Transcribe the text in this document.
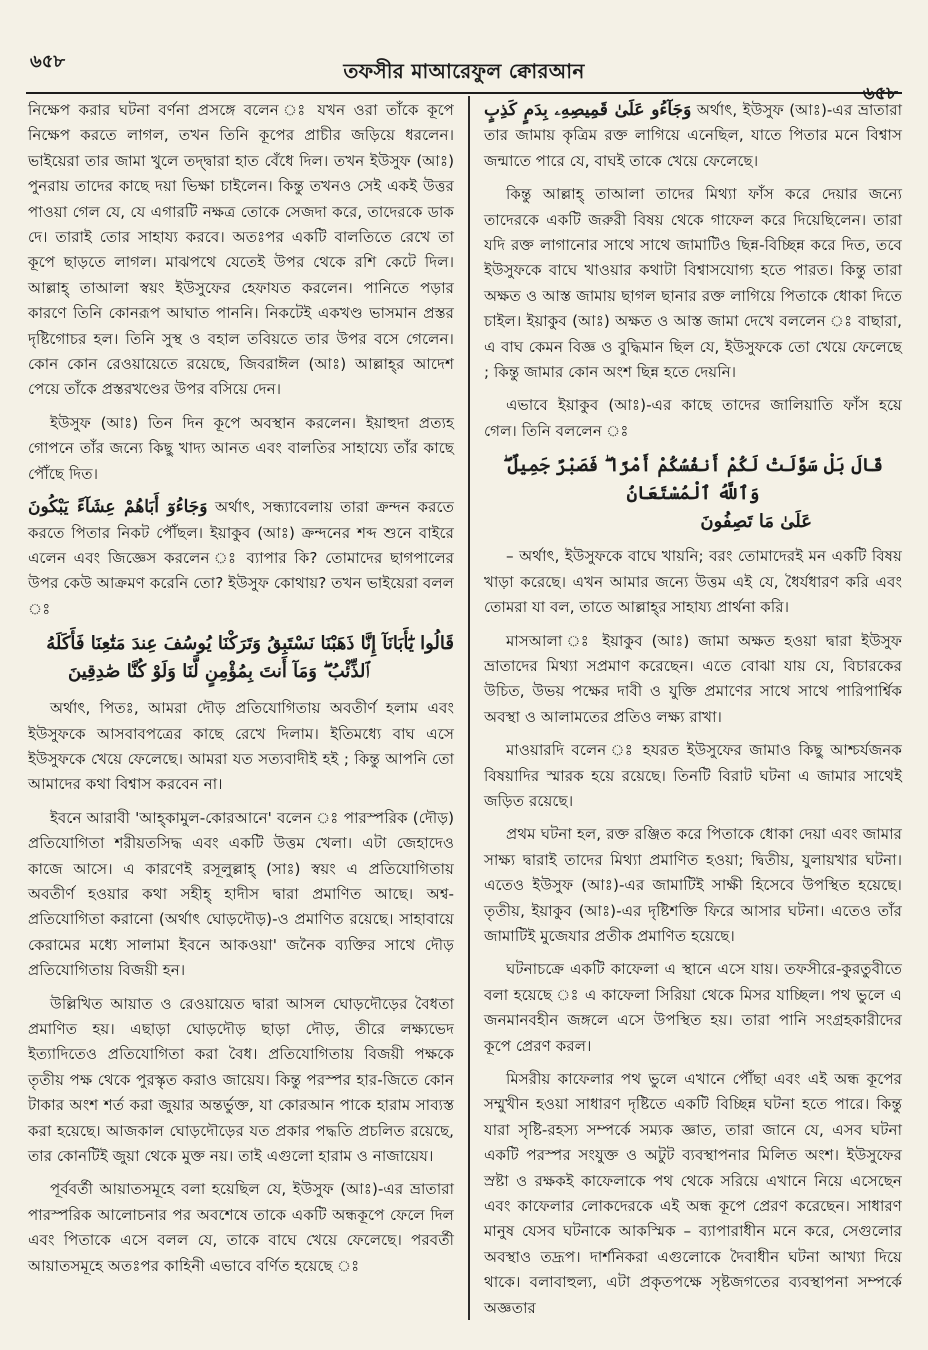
৬৫৮	তফসীর মাআরেফুল ক্বোরআন
৬৫৮

নিক্ষেপ করার ঘটনা বর্ণনা প্রসঙ্গে বলেন ঃ যখন ওরা তাঁকে কূপে নিক্ষেপ করতে লাগল, তখন তিনি কূপের প্রাচীর জড়িয়ে ধরলেন। ভাইয়েরা তার জামা খুলে তদ্দ্বারা হাত বেঁধে দিল। তখন ইউসুফ (আঃ) পুনরায় তাদের কাছে দয়া ভিক্ষা চাইলেন। কিন্তু তখনও সেই একই উত্তর পাওয়া গেল যে, যে এগারটি নক্ষত্র তোকে সেজদা করে, তাদেরকে ডাক দে। তারাই তোর সাহায্য করবে। অতঃপর একটি বালতিতে রেখে তা কূপে ছাড়তে লাগল। মাঝপথে যেতেই উপর থেকে রশি কেটে দিল। আল্লাহ্ তাআলা স্বয়ং ইউসুফের হেফাযত করলেন। পানিতে পড়ার কারণে তিনি কোনরূপ আঘাত পাননি। নিকটেই একখণ্ড ভাসমান প্রস্তর দৃষ্টিগোচর হল। তিনি সুস্থ ও বহাল তবিয়তে তার উপর বসে গেলেন। কোন কোন রেওয়ায়েতে রয়েছে, জিবরাঈল (আঃ) আল্লাহ্‌র আদেশ পেয়ে তাঁকে প্রস্তরখণ্ডের উপর বসিয়ে দেন।

ইউসুফ (আঃ) তিন দিন কূপে অবস্থান করলেন। ইয়াহুদা প্রত্যহ গোপনে তাঁর জন্যে কিছু খাদ্য আনত এবং বালতির সাহায্যে তাঁর কাছে পৌঁছে দিত।

وَجَاءُوٓ أَبَاهُمْ عِشَآءً يَبْكُونَ অর্থাৎ, সন্ধ্যাবেলায় তারা ক্রন্দন করতে করতে পিতার নিকট পৌঁছল। ইয়াকুব (আঃ) ক্রন্দনের শব্দ শুনে বাইরে এলেন এবং জিজ্ঞেস করলেন ঃ ব্যাপার কি? তোমাদের ছাগপালের উপর কেউ আক্রমণ করেনি তো? ইউসুফ কোথায়? তখন ভাইয়েরা বলল ঃ

قَالُوا يَٰٓأَبَانَآ إِنَّا ذَهَبْنَا نَسْتَبِقُ وَتَرَكْنَا يُوسُفَ عِندَ مَتَٰعِنَا فَأَكَلَهُ
ٱلذِّئْبُ ۖ وَمَآ أَنتَ بِمُؤْمِنٍ لَّنَا وَلَوْ كُنَّا صَٰدِقِينَ

অর্থাৎ, পিতঃ, আমরা দৌড় প্রতিযোগিতায় অবতীর্ণ হলাম এবং ইউসুফকে আসবাবপত্রের কাছে রেখে দিলাম। ইতিমধ্যে বাঘ এসে ইউসুফকে খেয়ে ফেলেছে। আমরা যত সত্যবাদীই হই ; কিন্তু আপনি তো আমাদের কথা বিশ্বাস করবেন না।

ইবনে আরাবী 'আহ্‌কামুল-কোরআনে' বলেন ঃ পারস্পরিক (দৌড়) প্রতিযোগিতা শরীয়তসিদ্ধ এবং একটি উত্তম খেলা। এটা জেহাদেও কাজে আসে। এ কারণেই রসূলুল্লাহ্ (সাঃ) স্বয়ং এ প্রতিযোগিতায় অবতীর্ণ হওয়ার কথা সহীহ্ হাদীস দ্বারা প্রমাণিত আছে। অশ্ব-প্রতিযোগিতা করানো (অর্থাৎ ঘোড়দৌড়)-ও প্রমাণিত রয়েছে। সাহাবায়ে কেরামের মধ্যে সালামা ইবনে আকওয়া' জনৈক ব্যক্তির সাথে দৌড় প্রতিযোগিতায় বিজয়ী হন।

উল্লিখিত আয়াত ও রেওয়ায়েত দ্বারা আসল ঘোড়দৌড়ের বৈধতা প্রমাণিত হয়। এছাড়া ঘোড়দৌড় ছাড়া দৌড়, তীরে লক্ষ্যভেদ ইত্যাদিতেও প্রতিযোগিতা করা বৈধ। প্রতিযোগিতায় বিজয়ী পক্ষকে তৃতীয় পক্ষ থেকে পুরস্কৃত করাও জায়েয। কিন্তু পরস্পর হার-জিতে কোন টাকার অংশ শর্ত করা জুয়ার অন্তর্ভুক্ত, যা কোরআন পাকে হারাম সাব্যস্ত করা হয়েছে। আজকাল ঘোড়দৌড়ের যত প্রকার পদ্ধতি প্রচলিত রয়েছে, তার কোনটিই জুয়া থেকে মুক্ত নয়। তাই এগুলো হারাম ও নাজায়েয।

পূর্ববর্তী আয়াতসমূহে বলা হয়েছিল যে, ইউসুফ (আঃ)-এর ভ্রাতারা পারস্পরিক আলোচনার পর অবশেষে তাকে একটি অন্ধকূপে ফেলে দিল এবং পিতাকে এসে বলল যে, তাকে বাঘে খেয়ে ফেলেছে। পরবর্তী আয়াতসমূহে অতঃপর কাহিনী এভাবে বর্ণিত হয়েছে ঃ

وَجَآءُو عَلَىٰ قَمِيصِهِۦ بِدَمٍ كَذِبٍ অর্থাৎ, ইউসুফ (আঃ)-এর ভ্রাতারা তার জামায় কৃত্রিম রক্ত লাগিয়ে এনেছিল, যাতে পিতার মনে বিশ্বাস জন্মাতে পারে যে, বাঘই তাকে খেয়ে ফেলেছে।

কিন্তু আল্লাহ্ তাআলা তাদের মিথ্যা ফাঁস করে দেয়ার জন্যে তাদেরকে একটি জরুরী বিষয় থেকে গাফেল করে দিয়েছিলেন। তারা যদি রক্ত লাগানোর সাথে সাথে জামাটিও ছিন্ন-বিচ্ছিন্ন করে দিত, তবে ইউসুফকে বাঘে খাওয়ার কথাটা বিশ্বাসযোগ্য হতে পারত। কিন্তু তারা অক্ষত ও আস্ত জামায় ছাগল ছানার রক্ত লাগিয়ে পিতাকে ধোকা দিতে চাইল। ইয়াকুব (আঃ) অক্ষত ও আস্ত জামা দেখে বললেন ঃ বাছারা, এ বাঘ কেমন বিজ্ঞ ও বুদ্ধিমান ছিল যে, ইউসুফকে তো খেয়ে ফেলেছে ; কিন্তু জামার কোন অংশ ছিন্ন হতে দেয়নি।

এভাবে ইয়াকুব (আঃ)-এর কাছে তাদের জালিয়াতি ফাঁস হয়ে গেল। তিনি বললেন ঃ

قَالَ بَلْ سَوَّلَتْ لَكُمْ أَنفُسُكُمْ أَمْرًا ۖ فَصَبْرٌ جَمِيلٌ ۖ وَٱللَّهُ ٱلْمُسْتَعَانُ
عَلَىٰ مَا تَصِفُونَ

– অর্থাৎ, ইউসুফকে বাঘে খায়নি; বরং তোমাদেরই মন একটি বিষয় খাড়া করেছে। এখন আমার জন্যে উত্তম এই যে, ধৈর্যধারণ করি এবং তোমরা যা বল, তাতে আল্লাহ্‌র সাহায্য প্রার্থনা করি।

মাসআলা ঃ ইয়াকুব (আঃ) জামা অক্ষত হওয়া দ্বারা ইউসুফ ভ্রাতাদের মিথ্যা সপ্রমাণ করেছেন। এতে বোঝা যায় যে, বিচারকের উচিত, উভয় পক্ষের দাবী ও যুক্তি প্রমাণের সাথে সাথে পারিপার্শ্বিক অবস্থা ও আলামতের প্রতিও লক্ষ্য রাখা।

মাওয়ারদি বলেন ঃ হযরত ইউসুফের জামাও কিছু আশ্চর্যজনক বিষয়াদির স্মারক হয়ে রয়েছে। তিনটি বিরাট ঘটনা এ জামার সাথেই জড়িত রয়েছে।

প্রথম ঘটনা হল, রক্ত রঞ্জিত করে পিতাকে ধোকা দেয়া এবং জামার সাক্ষ্য দ্বারাই তাদের মিথ্যা প্রমাণিত হওয়া; দ্বিতীয়, যুলায়খার ঘটনা। এতেও ইউসুফ (আঃ)-এর জামাটিই সাক্ষী হিসেবে উপস্থিত হয়েছে। তৃতীয়, ইয়াকুব (আঃ)-এর দৃষ্টিশক্তি ফিরে আসার ঘটনা। এতেও তাঁর জামাটিই মুজেযার প্রতীক প্রমাণিত হয়েছে।

ঘটনাচক্রে একটি কাফেলা এ স্থানে এসে যায়। তফসীরে-কুরতুবীতে বলা হয়েছে ঃ এ কাফেলা সিরিয়া থেকে মিসর যাচ্ছিল। পথ ভুলে এ জনমানবহীন জঙ্গলে এসে উপস্থিত হয়। তারা পানি সংগ্রহকারীদের কূপে প্রেরণ করল।

মিসরীয় কাফেলার পথ ভুলে এখানে পৌঁছা এবং এই অন্ধ কূপের সম্মুখীন হওয়া সাধারণ দৃষ্টিতে একটি বিচ্ছিন্ন ঘটনা হতে পারে। কিন্তু যারা সৃষ্টি-রহস্য সম্পর্কে সম্যক জ্ঞাত, তারা জানে যে, এসব ঘটনা একটি পরস্পর সংযুক্ত ও অটুট ব্যবস্থাপনার মিলিত অংশ। ইউসুফের স্রষ্টা ও রক্ষকই কাফেলাকে পথ থেকে সরিয়ে এখানে নিয়ে এসেছেন এবং কাফেলার লোকদেরকে এই অন্ধ কূপে প্রেরণ করেছেন। সাধারণ মানুষ যেসব ঘটনাকে আকস্মিক – ব্যাপারাধীন মনে করে, সেগুলোর অবস্থাও তদ্রূপ। দার্শনিকরা এগুলোকে দৈবাধীন ঘটনা আখ্যা দিয়ে থাকে। বলাবাহুল্য, এটা প্রকৃতপক্ষে সৃষ্টজগতের ব্যবস্থাপনা সম্পর্কে অজ্ঞতার
